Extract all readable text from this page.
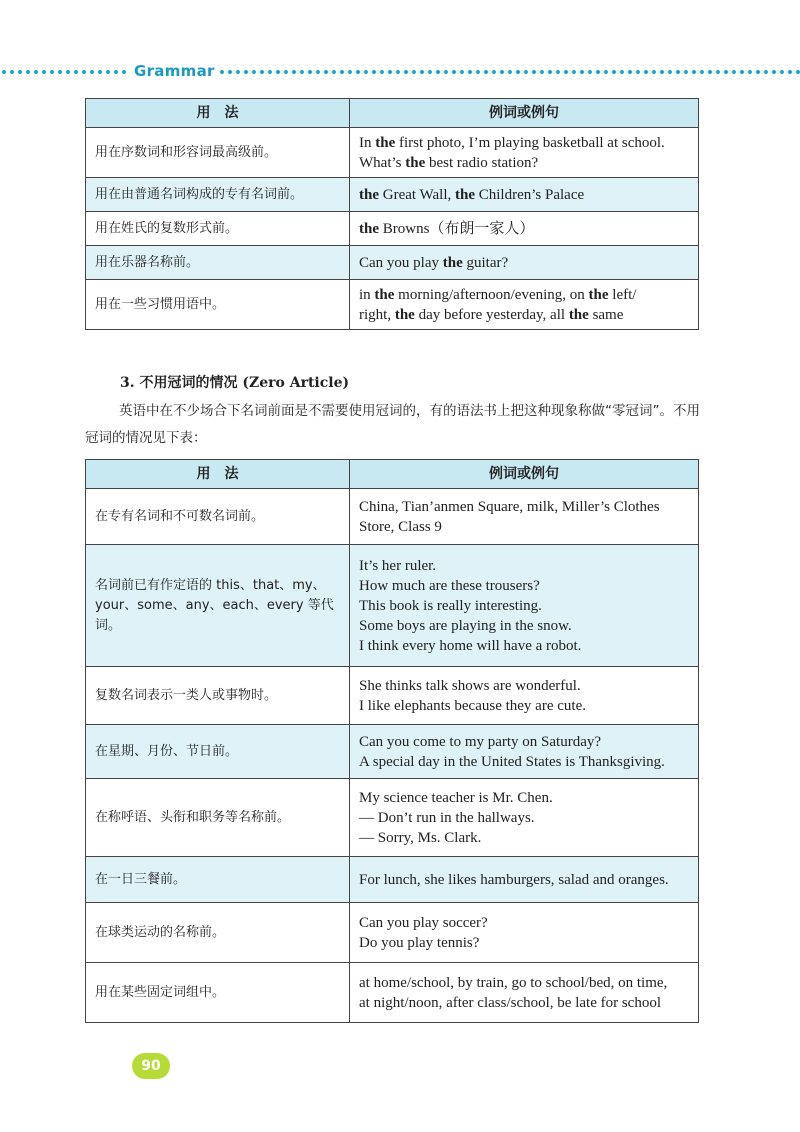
Grammar
用　法	例词或例句
用在序数词和形容词最高级前。	In the first photo, I’m playing basketball at school.
What’s the best radio station?

用在由普通名词构成的专有名词前。	the Great Wall, the Children’s Palace

用在姓氏的复数形式前。	the Browns（布朗一家人）

用在乐器名称前。	Can you play the guitar?

用在一些习惯用语中。	in the morning/afternoon/evening, on the left/
right, the day before yesterday, all the same
3. 不用冠词的情况 (Zero Article)
英语中在不少场合下名词前面是不需要使用冠词的，有的语法书上把这种现象称做“零冠词”。不用冠词的情况见下表：
用　法	例词或例句
在专有名词和不可数名词前。	China, Tian’anmen Square, milk, Miller’s Clothes
Store, Class 9

名词前已有作定语的 this、that、my、your、some、any、each、every 等代词。	It’s her ruler.
How much are these trousers?
This book is really interesting.
Some boys are playing in the snow.
I think every home will have a robot.

复数名词表示一类人或事物时。	She thinks talk shows are wonderful.
I like elephants because they are cute.

在星期、月份、节日前。	Can you come to my party on Saturday?
A special day in the United States is Thanksgiving.

在称呼语、头衔和职务等名称前。	My science teacher is Mr. Chen.
— Don’t run in the hallways.
— Sorry, Ms. Clark.

在一日三餐前。	For lunch, she likes hamburgers, salad and oranges.

在球类运动的名称前。	Can you play soccer?
Do you play tennis?

用在某些固定词组中。	at home/school, by train, go to school/bed, on time,
at night/noon, after class/school, be late for school
90
